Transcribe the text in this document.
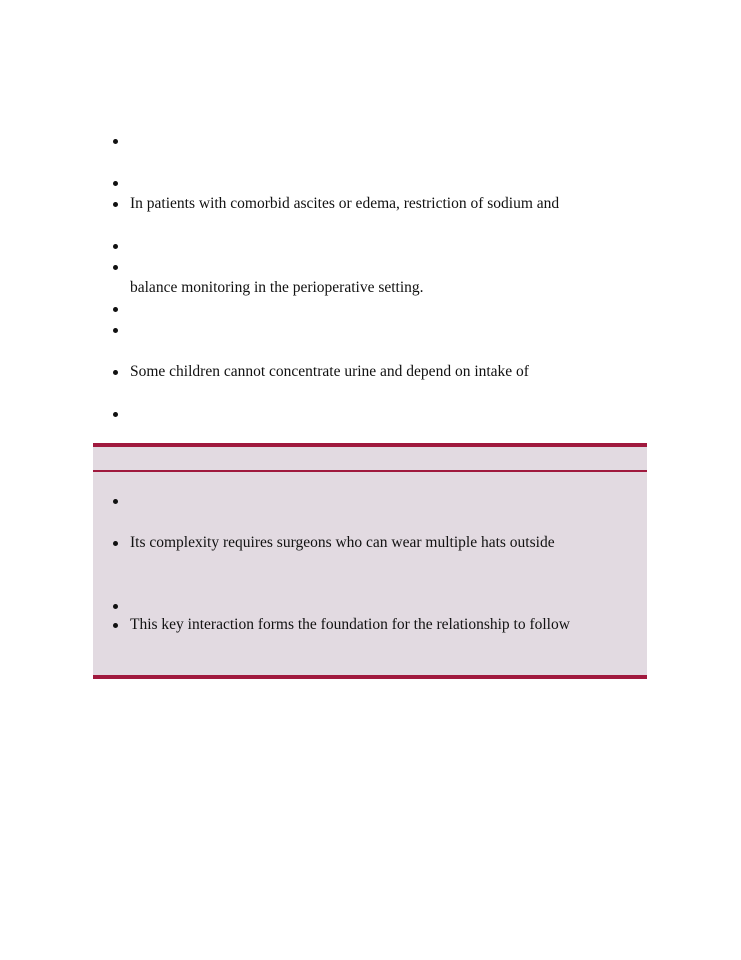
In patients with comorbid ascites or edema, restriction of sodium and
balance monitoring in the perioperative setting.
Some children cannot concentrate urine and depend on intake of
Its complexity requires surgeons who can wear multiple hats outside
This key interaction forms the foundation for the relationship to follow
